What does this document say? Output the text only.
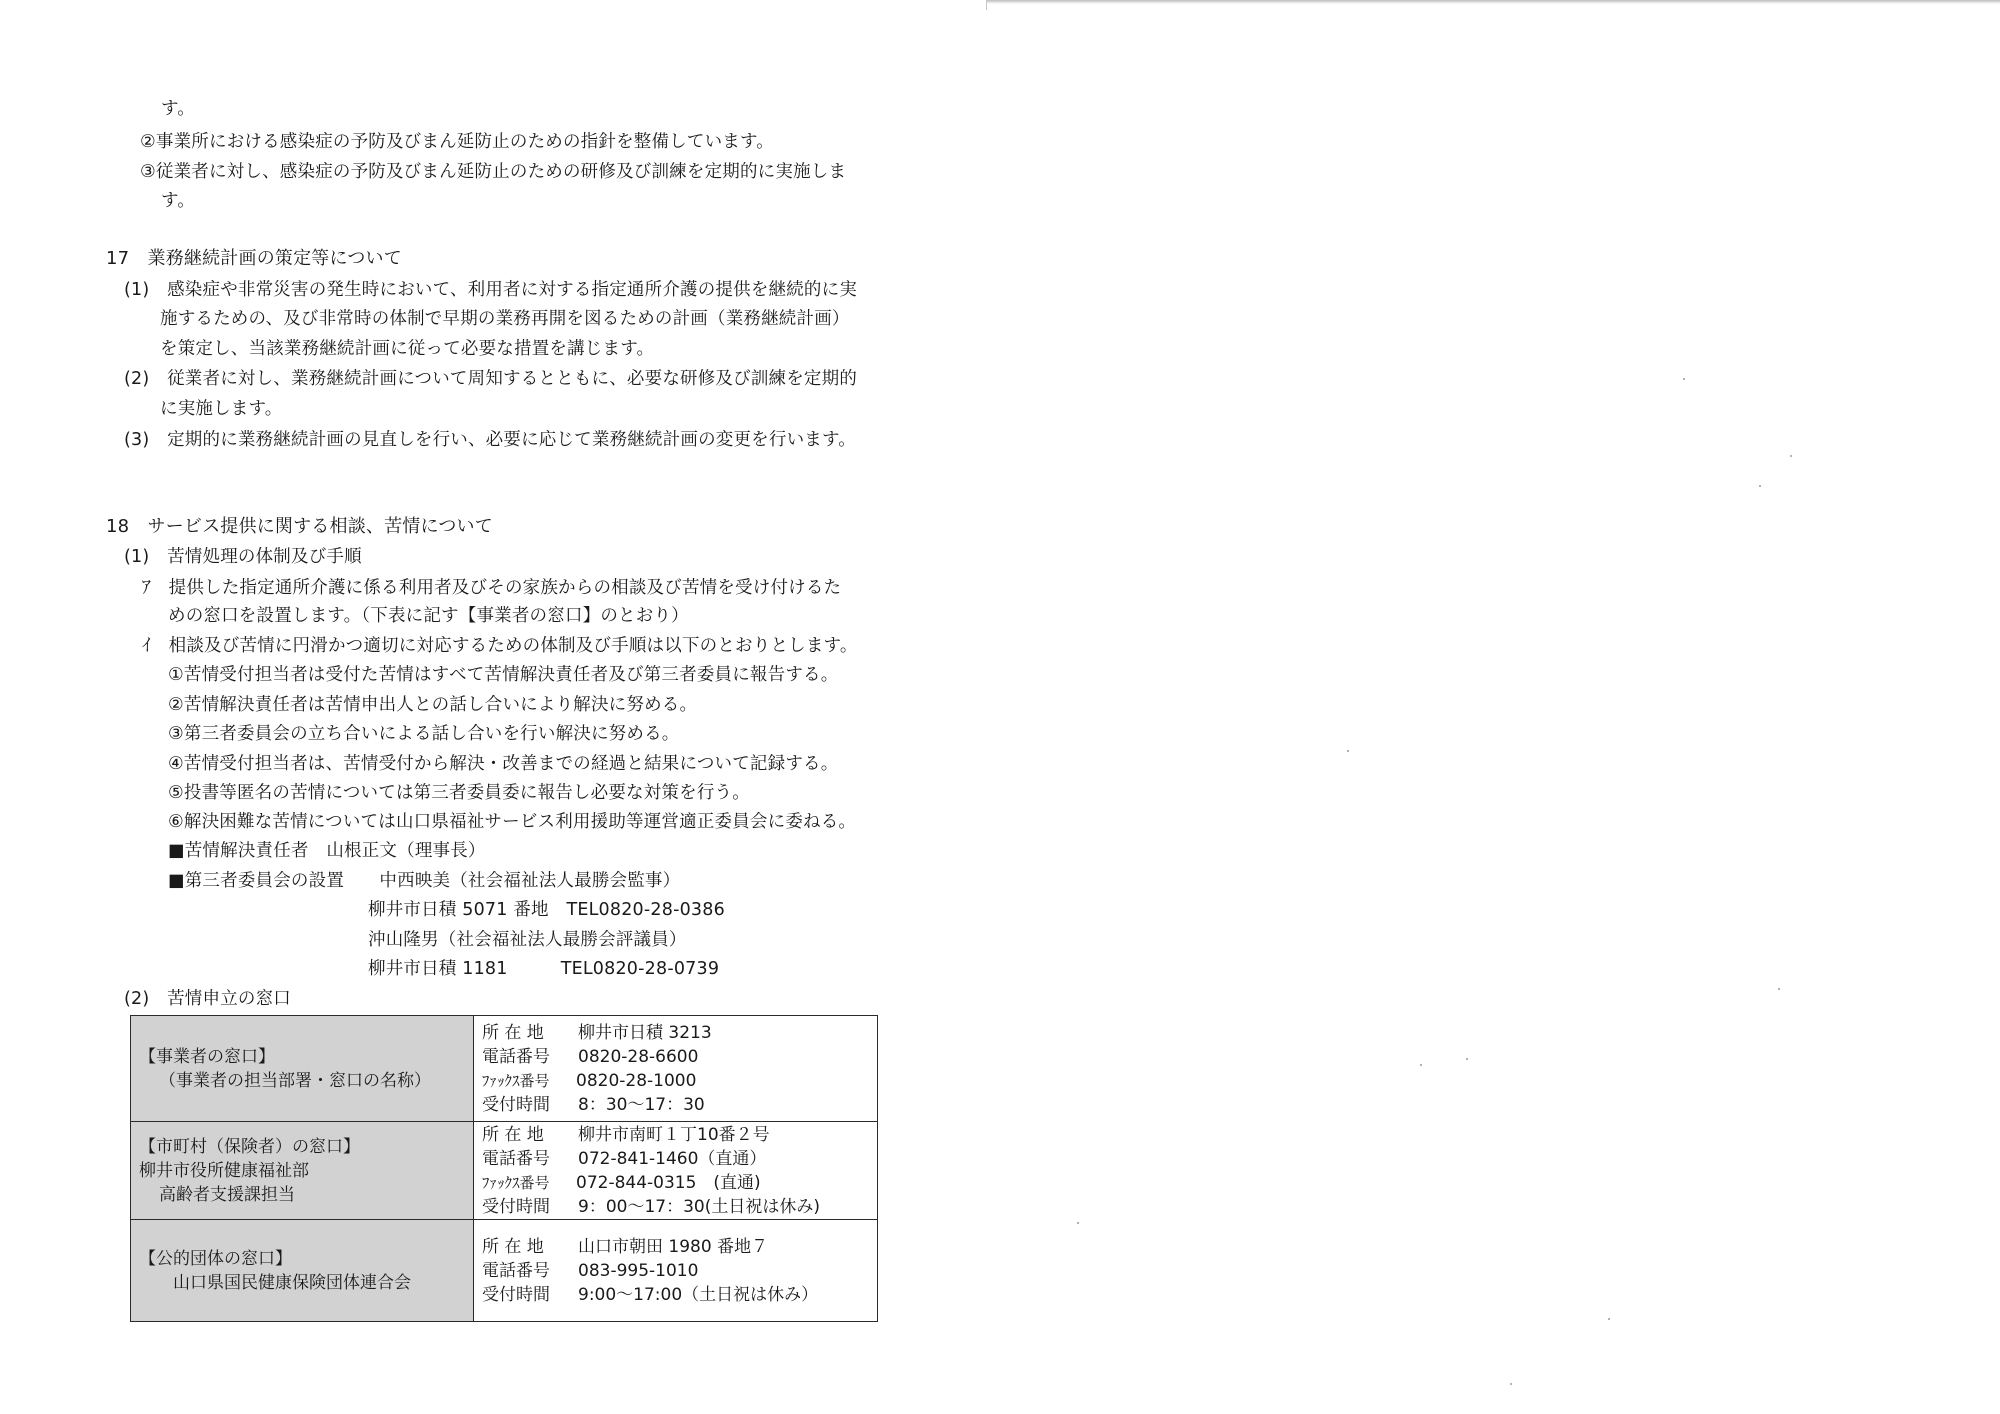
す。
②事業所における感染症の予防及びまん延防止のための指針を整備しています。
③従業者に対し、感染症の予防及びまん延防止のための研修及び訓練を定期的に実施しま
す。
17　業務継続計画の策定等について
(1)　感染症や非常災害の発生時において、利用者に対する指定通所介護の提供を継続的に実
施するための、及び非常時の体制で早期の業務再開を図るための計画（業務継続計画）
を策定し、当該業務継続計画に従って必要な措置を講じます。
(2)　従業者に対し、業務継続計画について周知するとともに、必要な研修及び訓練を定期的
に実施します。
(3)　定期的に業務継続計画の見直しを行い、必要に応じて業務継続計画の変更を行います。
18　サービス提供に関する相談、苦情について
(1)　苦情処理の体制及び手順
ｱ　提供した指定通所介護に係る利用者及びその家族からの相談及び苦情を受け付けるた
めの窓口を設置します。（下表に記す【事業者の窓口】のとおり）
ｲ　相談及び苦情に円滑かつ適切に対応するための体制及び手順は以下のとおりとします。
①苦情受付担当者は受付た苦情はすべて苦情解決責任者及び第三者委員に報告する。
②苦情解決責任者は苦情申出人との話し合いにより解決に努める。
③第三者委員会の立ち合いによる話し合いを行い解決に努める。
④苦情受付担当者は、苦情受付から解決・改善までの経過と結果について記録する。
⑤投書等匿名の苦情については第三者委員委に報告し必要な対策を行う。
⑥解決困難な苦情については山口県福祉サービス利用援助等運営適正委員会に委ねる。
■苦情解決責任者　山根正文（理事長）
■第三者委員会の設置　　中西映美（社会福祉法人最勝会監事）
柳井市日積 5071 番地　TEL0820-28-0386
沖山隆男（社会福祉法人最勝会評議員）
柳井市日積 1181　　　TEL0820-28-0739
(2)　苦情申立の窓口
【事業者の窓口】
（事業者の担当部署・窓口の名称）	所 在 地 柳井市日積 3213
電話番号 0820-28-6600
ﾌｧｯｸｽ番号 0820-28-1000
受付時間 8：30～17：30

【市町村（保険者）の窓口】
柳井市役所健康福祉部
高齢者支援課担当	所 在 地 柳井市南町１丁10番２号
電話番号 072-841-1460（直通）
ﾌｧｯｸｽ番号 072-844-0315　(直通)
受付時間 9：00～17：30(土日祝は休み)

【公的団体の窓口】
山口県国民健康保険団体連合会	所 在 地 山口市朝田 1980 番地７
電話番号 083-995-1010
受付時間 9:00～17:00（土日祝は休み）
